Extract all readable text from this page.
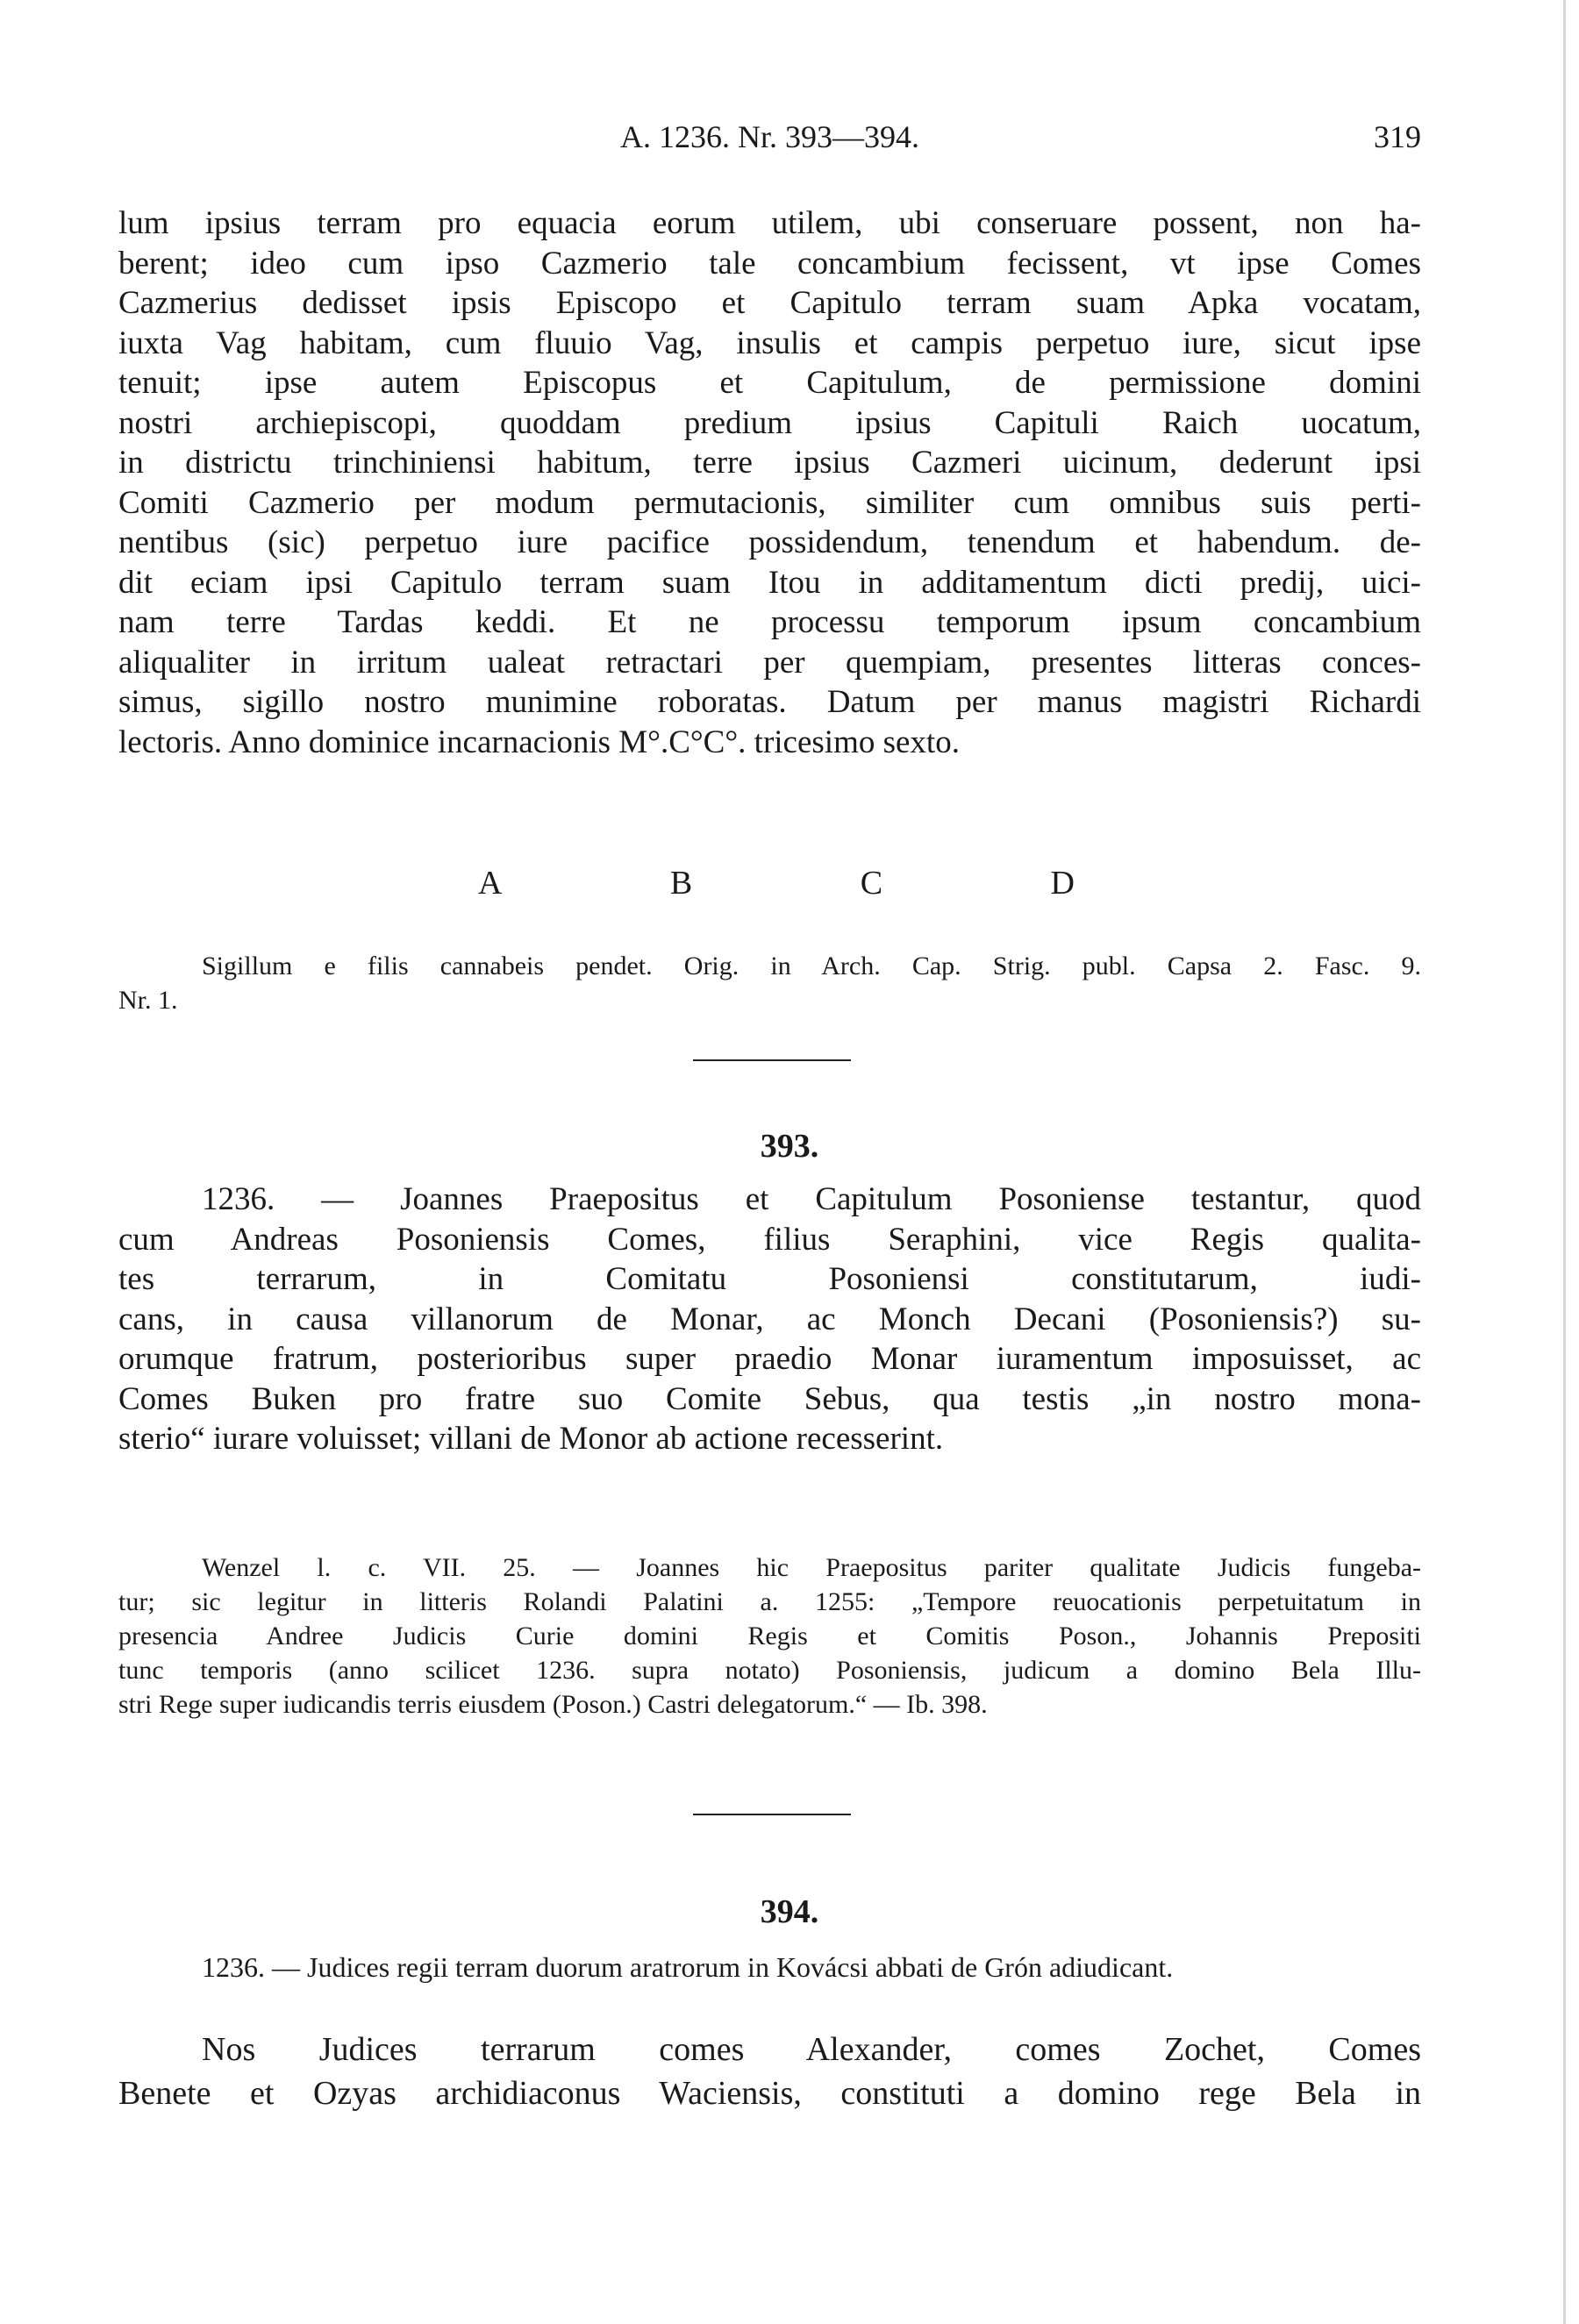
A. 1236. Nr. 393—394.	319

lum ipsius terram pro equacia eorum utilem, ubi conseruare possent, non ha-
berent; ideo cum ipso Cazmerio tale concambium fecissent, vt ipse Comes
Cazmerius dedisset ipsis Episcopo et Capitulo terram suam Apka vocatam,
iuxta Vag habitam, cum fluuio Vag, insulis et campis perpetuo iure, sicut ipse
tenuit; ipse autem Episcopus et Capitulum, de permissione domini
nostri archiepiscopi, quoddam predium ipsius Capituli Raich uocatum,
in districtu trinchiniensi habitum, terre ipsius Cazmeri uicinum, dederunt ipsi
Comiti Cazmerio per modum permutacionis, similiter cum omnibus suis perti-
nentibus (sic) perpetuo iure pacifice possidendum, tenendum et habendum. de-
dit eciam ipsi Capitulo terram suam Itou in additamentum dicti predij, uici-
nam terre Tardas keddi. Et ne processu temporum ipsum concambium
aliqualiter in irritum ualeat retractari per quempiam, presentes litteras conces-
simus, sigillo nostro munimine roboratas. Datum per manus magistri Richardi
lectoris. Anno dominice incarnacionis M°.C°C°. tricesimo sexto.

A	B	C	D

Sigillum e filis cannabeis pendet. Orig. in Arch. Cap. Strig. publ. Capsa 2. Fasc. 9.
Nr. 1.

393.

1236. — Joannes Praepositus et Capitulum Posoniense testantur, quod
cum Andreas Posoniensis Comes, filius Seraphini, vice Regis qualita-
tes terrarum, in Comitatu Posoniensi constitutarum, iudi-
cans, in causa villanorum de Monar, ac Monch Decani (Posoniensis?) su-
orumque fratrum, posterioribus super praedio Monar iuramentum imposuisset, ac
Comes Buken pro fratre suo Comite Sebus, qua testis „in nostro mona-
sterio“ iurare voluisset; villani de Monor ab actione recesserint.

Wenzel l. c. VII. 25. — Joannes hic Praepositus pariter qualitate Judicis fungeba-
tur; sic legitur in litteris Rolandi Palatini a. 1255: „Tempore reuocationis perpetuitatum in
presencia Andree Judicis Curie domini Regis et Comitis Poson., Johannis Prepositi
tunc temporis (anno scilicet 1236. supra notato) Posoniensis, judicum a domino Bela Illu-
stri Rege super iudicandis terris eiusdem (Poson.) Castri delegatorum.“ — Ib. 398.

394.

1236. — Judices regii terram duorum aratrorum in Kovácsi abbati de Grón adiudicant.

Nos Judices terrarum comes Alexander, comes Zochet, Comes
Benete et Ozyas archidiaconus Waciensis, constituti a domino rege Bela in
